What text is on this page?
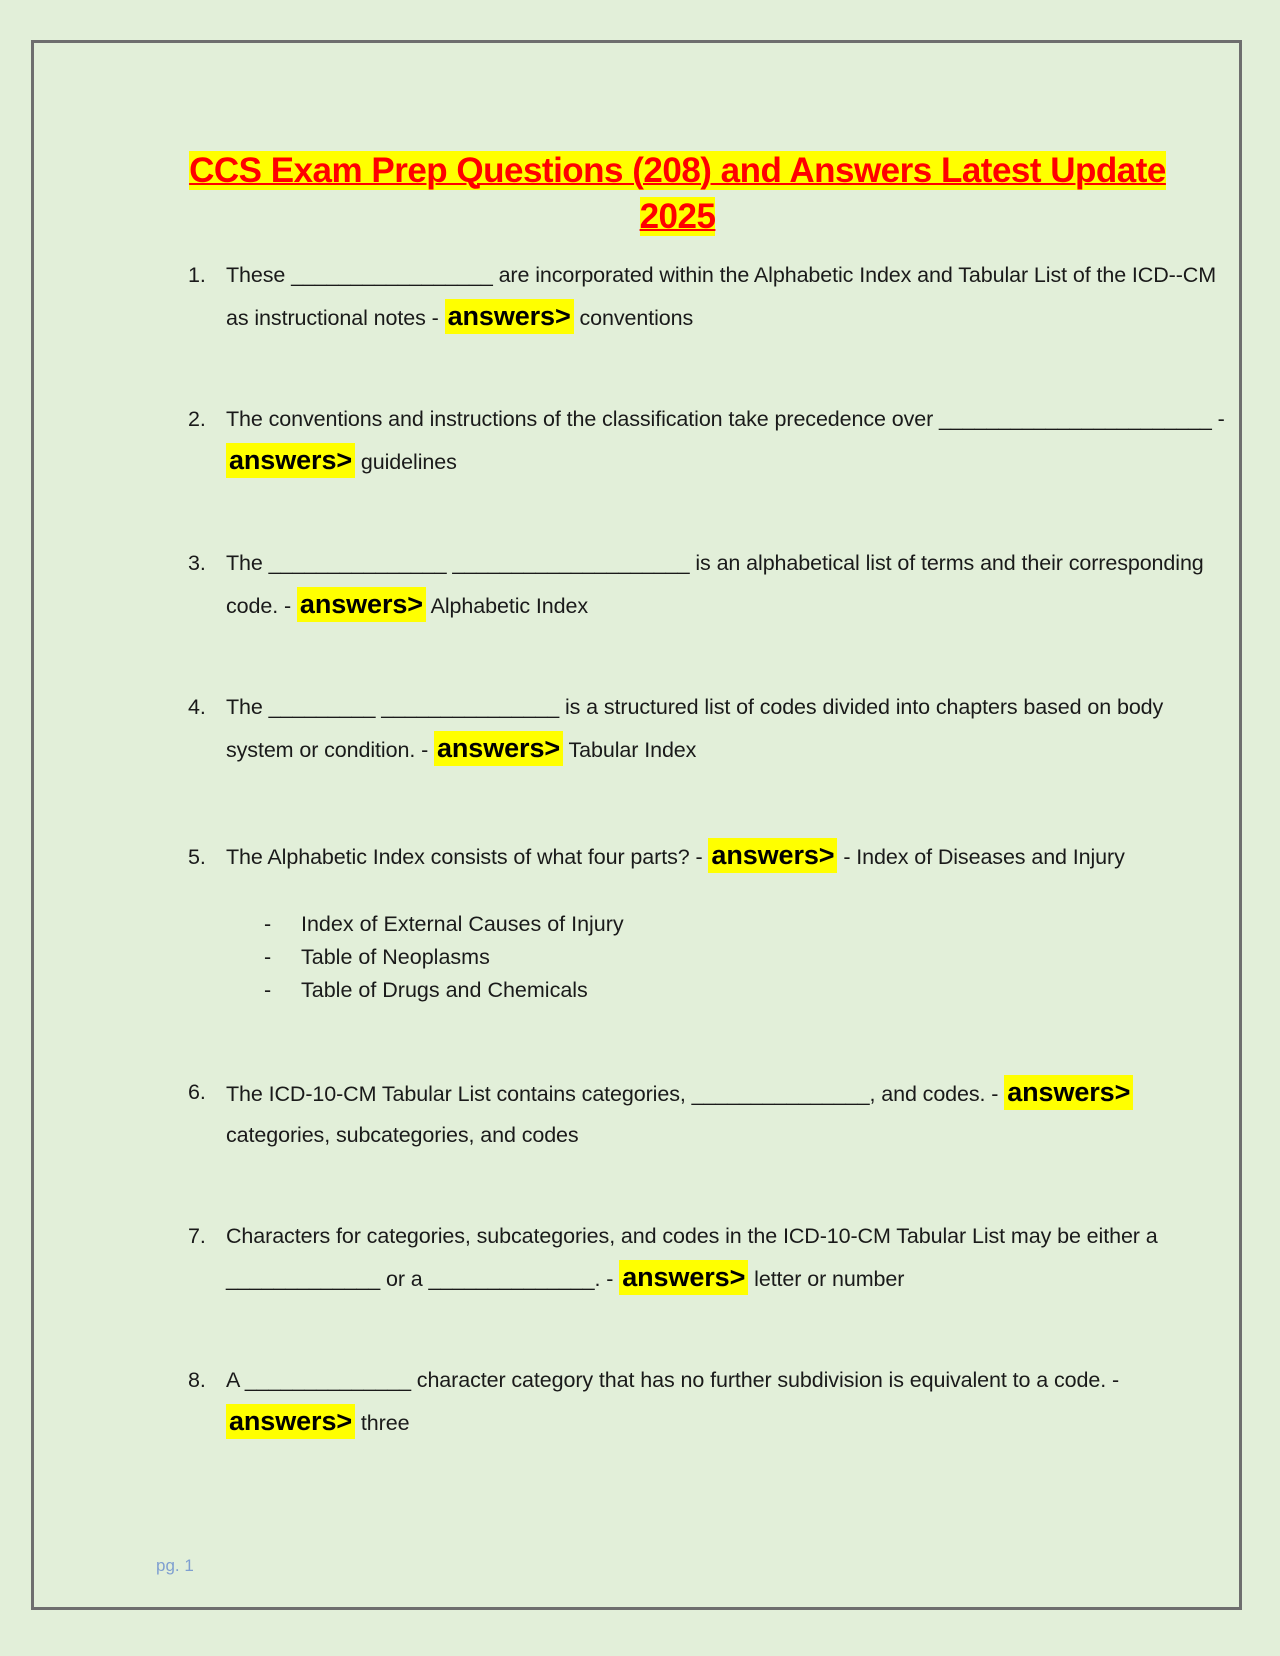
CCS Exam Prep Questions (208) and Answers Latest Update 2025
1. These _________________ are incorporated within the Alphabetic Index and Tabular List of the ICD--CM as instructional notes - answers> conventions
2. The conventions and instructions of the classification take precedence over _______________________ - answers> guidelines
3. The _______________ ____________________ is an alphabetical list of terms and their corresponding code. - answers> Alphabetic Index
4. The _________ _______________ is a structured list of codes divided into chapters based on body system or condition. - answers> Tabular Index
5. The Alphabetic Index consists of what four parts? - answers> - Index of Diseases and Injury
- Index of External Causes of Injury
- Table of Neoplasms
- Table of Drugs and Chemicals
6. The ICD-10-CM Tabular List contains categories, _______________, and codes. - answers> categories, subcategories, and codes
7. Characters for categories, subcategories, and codes in the ICD-10-CM Tabular List may be either a _____________ or a ______________. - answers> letter or number
8. A ______________ character category that has no further subdivision is equivalent to a code. - answers> three
pg. 1
